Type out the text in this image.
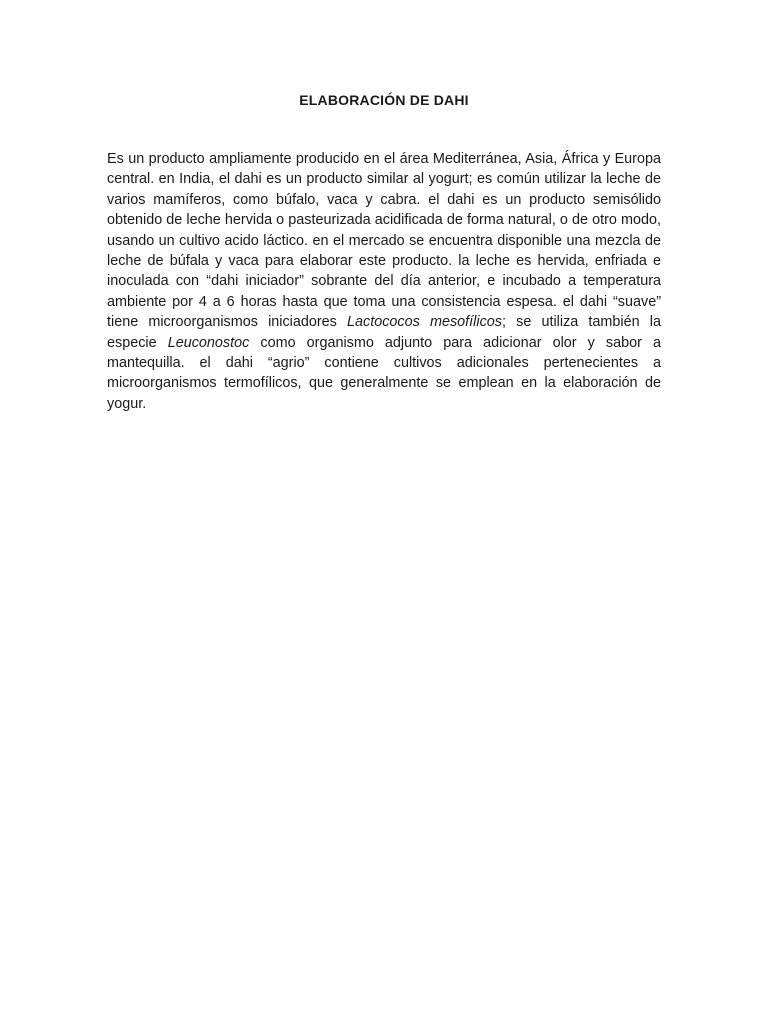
ELABORACIÓN DE DAHI

Es un producto ampliamente producido en el área Mediterránea, Asia, África y Europa central. en India, el dahi es un producto similar al yogurt; es común utilizar la leche de varios mamíferos, como búfalo, vaca y cabra. el dahi es un producto semisólido obtenido de leche hervida o pasteurizada acidificada de forma natural, o de otro modo, usando un cultivo acido láctico. en el mercado se encuentra disponible una mezcla de leche de búfala y vaca para elaborar este producto. la leche es hervida, enfriada e inoculada con “dahi iniciador” sobrante del día anterior, e incubado a temperatura ambiente por 4 a 6 horas hasta que toma una consistencia espesa. el dahi “suave” tiene microorganismos iniciadores Lactococos mesofílicos; se utiliza también la especie Leuconostoc como organismo adjunto para adicionar olor y sabor a mantequilla. el dahi “agrio” contiene cultivos adicionales pertenecientes a microorganismos termofílicos, que generalmente se emplean en la elaboración de yogur.
